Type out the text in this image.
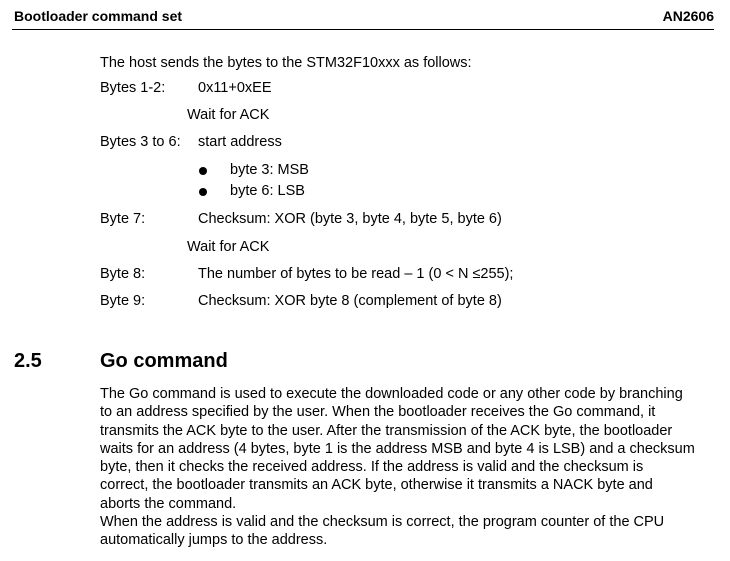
Bootloader command set	AN2606
The host sends the bytes to the STM32F10xxx as follows:
Bytes 1-2: 0x11+0xEE
Wait for ACK
Bytes 3 to 6: start address
byte 3: MSB
byte 6: LSB
Byte 7:	Checksum: XOR (byte 3, byte 4, byte 5, byte 6)
Wait for ACK
Byte 8:	The number of bytes to be read – 1 (0 < N ≤255);
Byte 9:	Checksum: XOR byte 8 (complement of byte 8)
2.5	Go command
The Go command is used to execute the downloaded code or any other code by branching
to an address specified by the user. When the bootloader receives the Go command, it
transmits the ACK byte to the user. After the transmission of the ACK byte, the bootloader
waits for an address (4 bytes, byte 1 is the address MSB and byte 4 is LSB) and a checksum
byte, then it checks the received address. If the address is valid and the checksum is
correct, the bootloader transmits an ACK byte, otherwise it transmits a NACK byte and
aborts the command.
When the address is valid and the checksum is correct, the program counter of the CPU
automatically jumps to the address.
